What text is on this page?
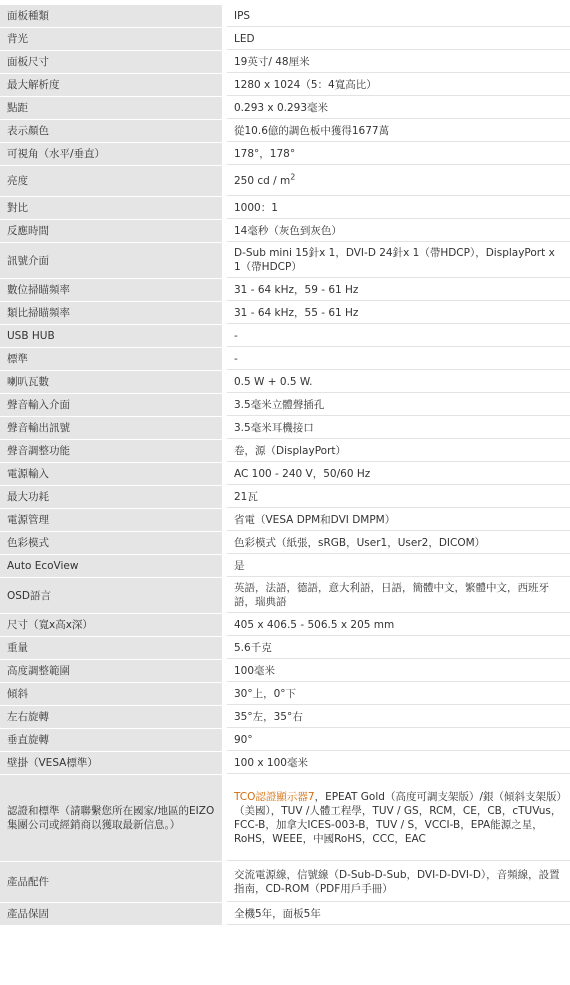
面板種類		IPS
背光		LED
面板尺寸		19英寸/ 48厘米
最大解析度		1280 x 1024（5：4寬高比）
點距		0.293 x 0.293毫米
表示顏色		從10.6億的調色板中獲得1677萬
可視角（水平/垂直）		178°，178°
亮度		250 cd / $m^2$
對比		1000：1
反應時間		14毫秒（灰色到灰色）
訊號介面		D-Sub mini 15針x 1，DVI-D 24針x 1（帶HDCP），DisplayPort x 1（帶HDCP）
數位掃瞄頻率		31 - 64 kHz，59 - 61 Hz
類比掃瞄頻率		31 - 64 kHz，55 - 61 Hz
USB HUB		-
標準		-
喇叭瓦數		0.5 W + 0.5 W.
聲音輸入介面		3.5毫米立體聲插孔
聲音輸出訊號		3.5毫米耳機接口
聲音調整功能		卷，源（DisplayPort）
電源輸入		AC 100 - 240 V，50/60 Hz
最大功耗		21瓦
電源管理		省電（VESA DPM和DVI DMPM）
色彩模式		色彩模式（紙張，sRGB，User1，User2，DICOM）
Auto EcoView		是
OSD語言		英語，法語，德語，意大利語，日語，簡體中文，繁體中文，西班牙語，瑞典語
尺寸（寬x高x深）		405 x 406.5 - 506.5 x 205 mm
重量		5.6千克
高度調整範圍		100毫米
傾斜		30°上，0°下
左右旋轉		35°左，35°右
垂直旋轉		90°
壁掛（VESA標準）		100 x 100毫米
認證和標準（請聯繫您所在國家/地區的EIZO集團公司或經銷商以獲取最新信息。）		TCO認證顯示器7，EPEAT Gold（高度可調支架版）/銀（傾斜支架版）（美國），TUV /人體工程學，TUV / GS，RCM，CE，CB，cTUVus，FCC-B，加拿大ICES-003-B，TUV / S，VCCI-B，EPA能源之星，RoHS，WEEE，中國RoHS，CCC，EAC
產品配件		交流電源線，信號線（D-Sub-D-Sub，DVI-D-DVI-D），音頻線，設置指南，CD-ROM（PDF用戶手冊）
產品保固		全機5年，面板5年
